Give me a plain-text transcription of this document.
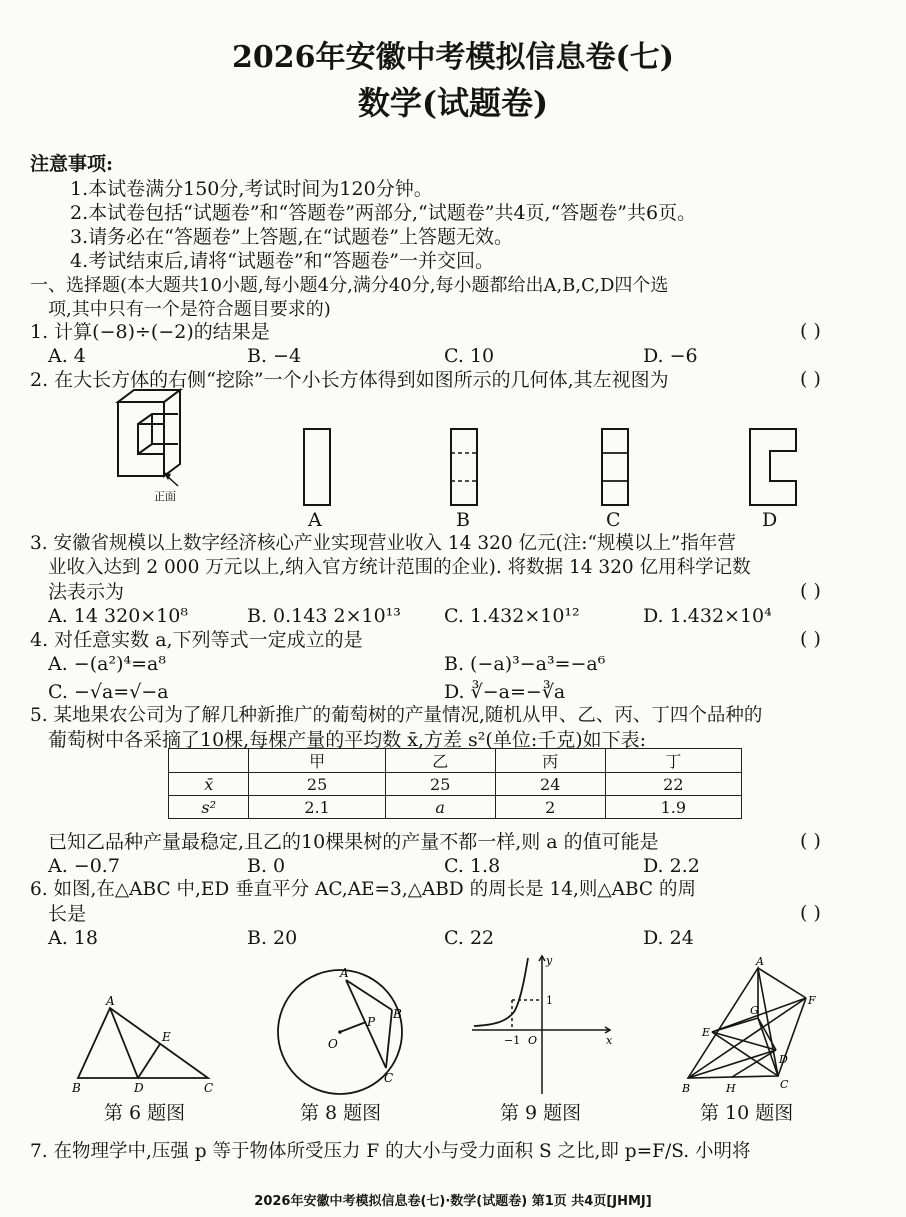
2026年安徽中考模拟信息卷(七)
数学(试题卷)
注意事项:
1.本试卷满分150分,考试时间为120分钟。
2.本试卷包括“试题卷”和“答题卷”两部分,“试题卷”共4页,“答题卷”共6页。
3.请务必在“答题卷”上答题,在“试题卷”上答题无效。
4.考试结束后,请将“试题卷”和“答题卷”一并交回。
一、选择题(本大题共10小题,每小题4分,满分40分,每小题都给出A,B,C,D四个选
项,其中只有一个是符合题目要求的)
1. 计算(−8)÷(−2)的结果是	( )
A. 4	B. −4	C. 10	D. −6
2. 在大长方体的右侧“挖除”一个小长方体得到如图所示的几何体,其左视图为	( )
正面
A	B	C	D
3. 安徽省规模以上数字经济核心产业实现营业收入 14 320 亿元(注:“规模以上”指年营
业收入达到 2 000 万元以上,纳入官方统计范围的企业). 将数据 14 320 亿用科学记数
法表示为	( )
A. 14 320×10⁸	B. 0.143 2×10¹³ C. 1.432×10¹²	D. 1.432×10⁴
4. 对任意实数 a,下列等式一定成立的是	( )
A. −(a²)⁴=a⁸	B. (−a)³−a³=−a⁶
C. −√a=√−a	D. ∛−a=−∛a
5. 某地果农公司为了解几种新推广的葡萄树的产量情况,随机从甲、乙、丙、丁四个品种的
葡萄树中各采摘了10棵,每棵产量的平均数 x̄,方差 s²(单位:千克)如下表:
	甲	乙	丙	丁
x̄	25	25	24	22
s²	2.1	a	2	1.9
已知乙品种产量最稳定,且乙的10棵果树的产量不都一样,则 a 的值可能是	( )
A. −0.7	B. 0	C. 1.8	D. 2.2
6. 如图,在△ABC 中,ED 垂直平分 AC,AE=3,△ABD 的周长是 14,则△ABC 的周
长是	( )
A. 18	B. 20	C. 22	D. 24
A
B	D	C
E
A
B
C
O
P
y
x
1
−1 O
A
B	C
D
E
F
G
H
第 6 题图	第 8 题图	第 9 题图	第 10 题图
7. 在物理学中,压强 p 等于物体所受压力 F 的大小与受力面积 S 之比,即 p=F/S. 小明将
2026年安徽中考模拟信息卷(七)·数学(试题卷) 第1页 共4页[JHMJ]
